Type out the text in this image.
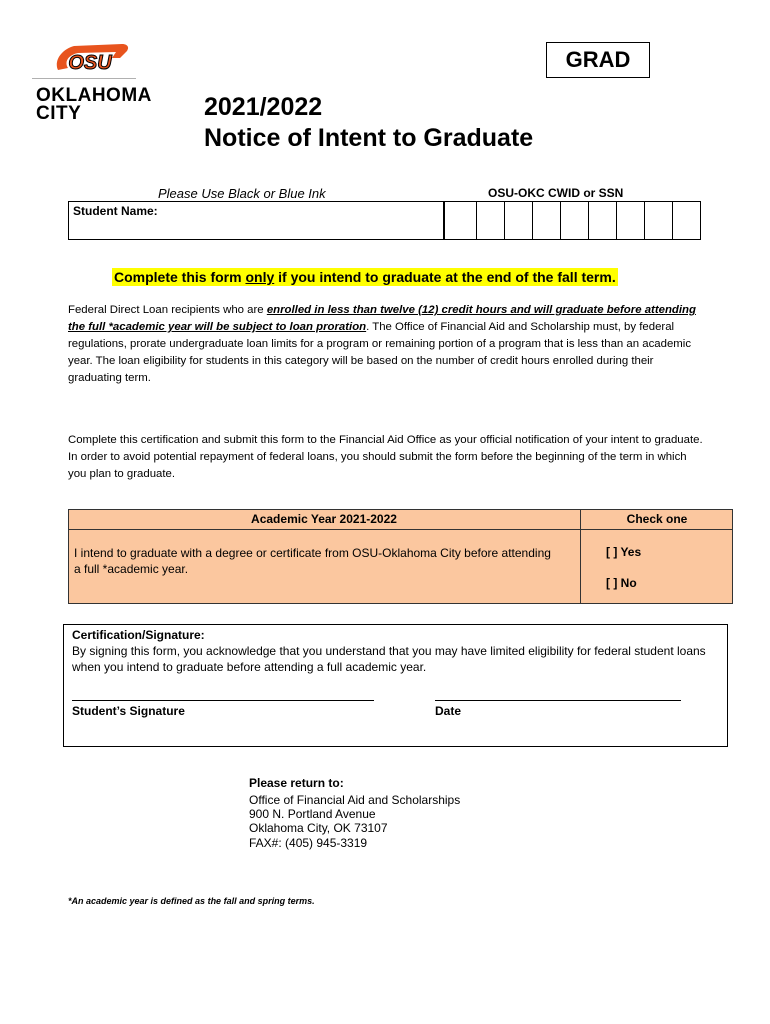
OSU
OKLAHOMA
CITY
GRAD
2021/2022
Notice of Intent to Graduate
Please Use Black or Blue Ink	OSU-OKC CWID or SSN
Student Name:
Complete this form only if you intend to graduate at the end of the fall term.
Federal Direct Loan recipients who are enrolled in less than twelve (12) credit hours and will graduate before attending the full *academic year will be subject to loan proration. The Office of Financial Aid and Scholarship must, by federal regulations, prorate undergraduate loan limits for a program or remaining portion of a program that is less than an academic year. The loan eligibility for students in this category will be based on the number of credit hours enrolled during their graduating term.
Complete this certification and submit this form to the Financial Aid Office as your official notification of your intent to graduate. In order to avoid potential repayment of federal loans, you should submit the form before the beginning of the term in which you plan to graduate.
Academic Year 2021-2022	Check one
I intend to graduate with a degree or certificate from OSU-Oklahoma City before attending a full *academic year.
[ ] Yes
[ ] No
Certification/Signature:
By signing this form, you acknowledge that you understand that you may have limited eligibility for federal student loans when you intend to graduate before attending a full academic year.
Student’s Signature	Date
Please return to:
Office of Financial Aid and Scholarships
900 N. Portland Avenue
Oklahoma City, OK 73107
FAX#: (405) 945-3319
*An academic year is defined as the fall and spring terms.
